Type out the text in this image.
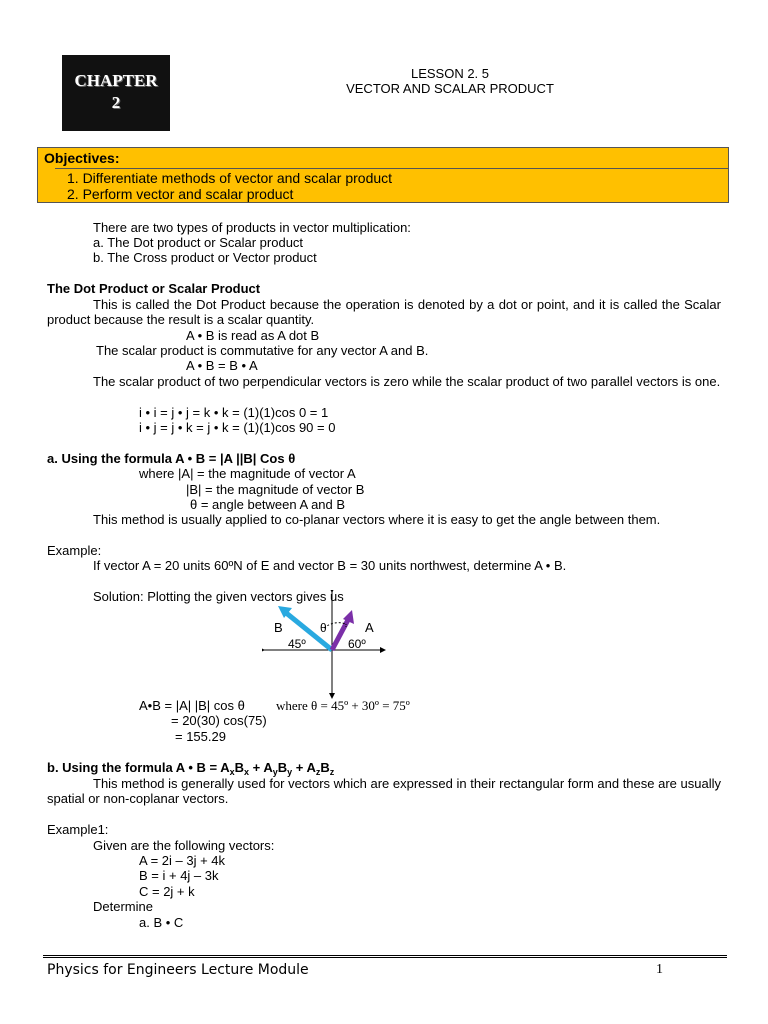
CHAPTER
2
LESSON 2. 5
VECTOR AND SCALAR PRODUCT
Objectives:
1. Differentiate methods of vector and scalar product
2. Perform vector and scalar product
There are two types of products in vector multiplication:
a. The Dot product or Scalar product
b. The Cross product or Vector product
The Dot Product or Scalar Product
This is called the Dot Product because the operation is denoted by a dot or point, and it is called the Scalar product because the result is a scalar quantity.
A • B is read as A dot B
The scalar product is commutative for any vector A and B.
A • B = B • A
The scalar product of two perpendicular vectors is zero while the scalar product of two parallel vectors is one.
i • i = j • j = k • k = (1)(1)cos 0 = 1
i • j = j • k = j • k = (1)(1)cos 90 = 0
a. Using the formula A • B = |A ||B| Cos θ
where |A| = the magnitude of vector A
|B| = the magnitude of vector B
θ = angle between A and B
This method is usually applied to co-planar vectors where it is easy to get the angle between them.
Example:
If vector A = 20 units 60ºN of E and vector B = 30 units northwest, determine A • B.
Solution: Plotting the given vectors gives us
B	θ	A
45º	60º
A•B = |A| |B| cos θ where θ = 45º + 30º = 75º
= 20(30) cos(75)
= 155.29
b. Using the formula A • $B = A_xB_x + A_yB_y + A_zB_z$
This method is generally used for vectors which are expressed in their rectangular form and these are usually spatial or non-coplanar vectors.
Example1:
Given are the following vectors:
A = 2i – 3j + 4k
B = i + 4j – 3k
C = 2j + k
Determine
a. B • C
Physics for Engineers Lecture Module	1
